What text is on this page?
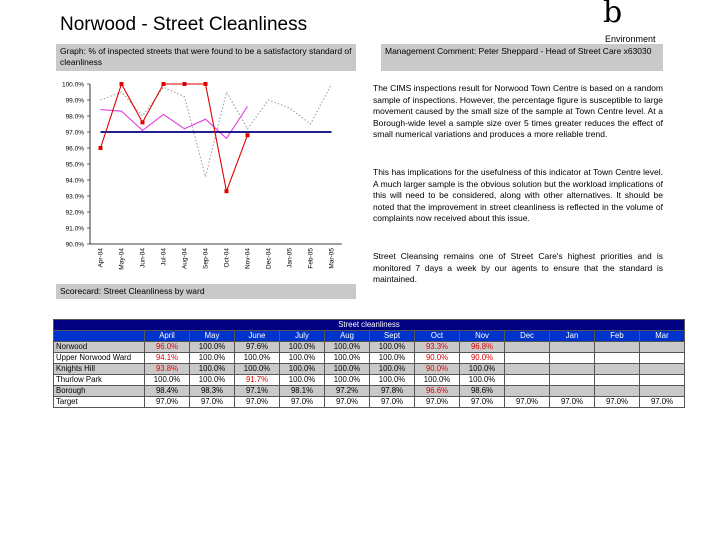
Norwood - Street Cleanliness	b
Environment
Graph: % of inspected streets that were found to be a satisfactory standard of cleanliness
Management Comment: Peter Sheppard - Head of Street Care x63030
The CIMS inspections result for Norwood Town Centre is based on a random sample of inspections. However, the percentage figure is susceptible to large movement caused by the small size of the sample at Town Centre level. At a Borough-wide level a sample size over 5 times greater reduces the effect of small numerical variations and produces a more reliable trend.
This has implications for the usefulness of this indicator at Town Centre level. A much larger sample is the obvious solution but the workload implications of this will need to be considered, along with other alternatives. It should be noted that the improvement in street cleanliness is reflected in the volume of complaints now received about this issue.
Street Cleansing remains one of Street Care's highest priorities and is monitored 7 days a week by our agents to ensure that the standard is maintained.
100.0%
99.0%
98.0%
97.0%
96.0%
95.0%
94.0%
93.0%
92.0%
91.0%
90.0%
Apr-04 May-04 Jun-04 Jul-04 Aug-04 Sep-04 Oct-04 Nov-04 Dec-04 Jan-05 Feb-05 Mar-05
Scorecard: Street Cleanliness by ward
Street cleanliness												
	April	May	June	July	Aug	Sept	Oct	Nov	Dec	Jan	Feb	Mar
Norwood	96.0%	100.0%	97.6%	100.0%	100.0%	100.0%	93.3%	96.8%				
Upper Norwood Ward	94.1%	100.0%	100.0%	100.0%	100.0%	100.0%	90.0%	90.0%				
Knights Hill	93.8%	100.0%	100.0%	100.0%	100.0%	100.0%	90.0%	100.0%				
Thurlow Park	100.0%	100.0%	91.7%	100.0%	100.0%	100.0%	100.0%	100.0%				
Borough	98.4%	98.3%	97.1%	98.1%	97.2%	97.8%	96.6%	98.6%				
Target	97.0%	97.0%	97.0%	97.0%	97.0%	97.0%	97.0%	97.0%	97.0%	97.0%	97.0%	97.0%
